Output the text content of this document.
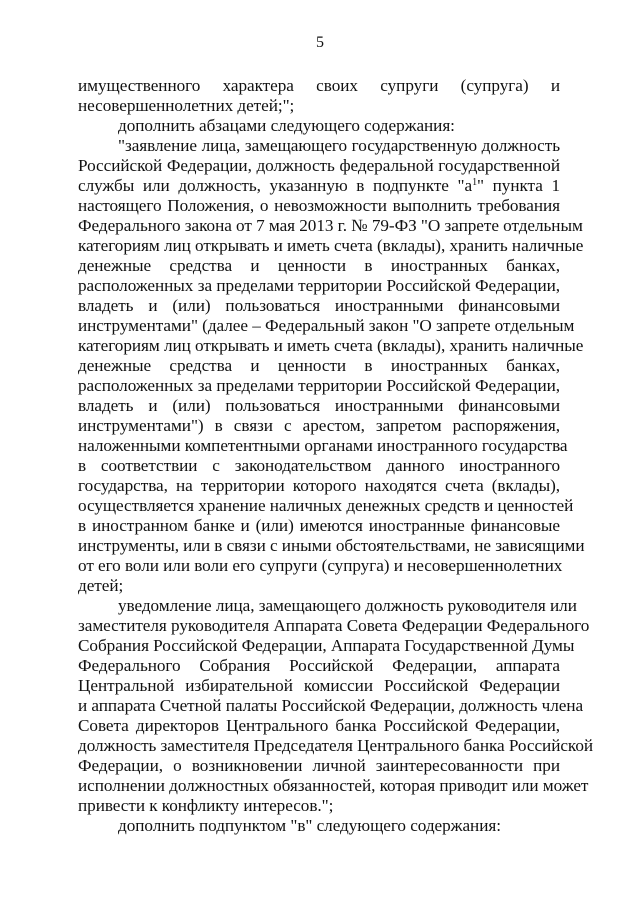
5
имущественного характера своих супруги (супруга) и
несовершеннолетних детей;";
дополнить абзацами следующего содержания:
"заявление лица, замещающего государственную должность
Российской Федерации, должность федеральной государственной
службы или должность, указанную в подпункте "$а^1$" пункта 1
настоящего Положения, о невозможности выполнить требования
Федерального закона от 7 мая 2013 г. № 79-ФЗ "О запрете отдельным
категориям лиц открывать и иметь счета (вклады), хранить наличные
денежные средства и ценности в иностранных банках,
расположенных за пределами территории Российской Федерации,
владеть и (или) пользоваться иностранными финансовыми
инструментами" (далее – Федеральный закон "О запрете отдельным
категориям лиц открывать и иметь счета (вклады), хранить наличные
денежные средства и ценности в иностранных банках,
расположенных за пределами территории Российской Федерации,
владеть и (или) пользоваться иностранными финансовыми
инструментами") в связи с арестом, запретом распоряжения,
наложенными компетентными органами иностранного государства
в соответствии с законодательством данного иностранного
государства, на территории которого находятся счета (вклады),
осуществляется хранение наличных денежных средств и ценностей
в иностранном банке и (или) имеются иностранные финансовые
инструменты, или в связи с иными обстоятельствами, не зависящими
от его воли или воли его супруги (супруга) и несовершеннолетних
детей;
уведомление лица, замещающего должность руководителя или
заместителя руководителя Аппарата Совета Федерации Федерального
Собрания Российской Федерации, Аппарата Государственной Думы
Федерального Собрания Российской Федерации, аппарата
Центральной избирательной комиссии Российской Федерации
и аппарата Счетной палаты Российской Федерации, должность члена
Совета директоров Центрального банка Российской Федерации,
должность заместителя Председателя Центрального банка Российской
Федерации, о возникновении личной заинтересованности при
исполнении должностных обязанностей, которая приводит или может
привести к конфликту интересов.";
дополнить подпунктом "в" следующего содержания:
